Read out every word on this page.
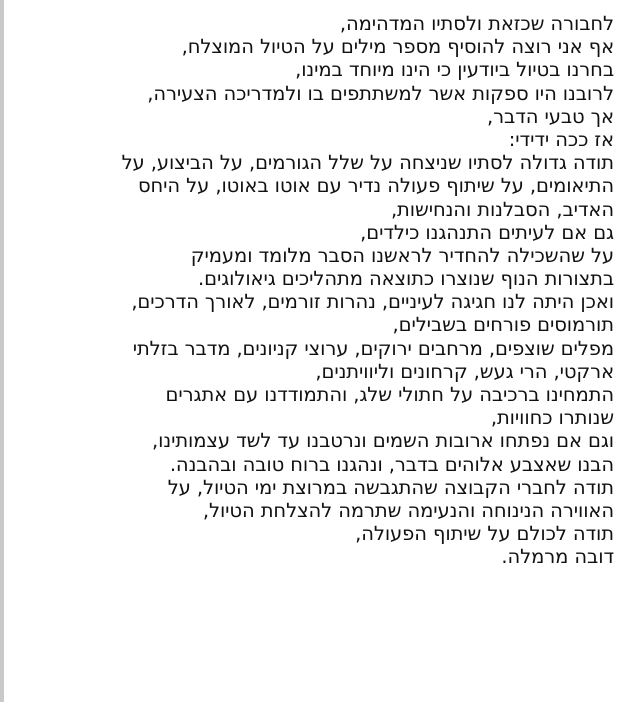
לחבורה שכזאת ולסתיו המדהימה,
אף אני רוצה להוסיף מספר מילים על הטיול המוצלח,
בחרנו בטיול ביודעין כי הינו מיוחד במינו,
לרובנו היו ספקות אשר למשתתפים בו ולמדריכה הצעירה,
אך טבעי הדבר,
אז ככה ידידי:
תודה גדולה לסתיו שניצחה על שלל הגורמים, על הביצוע, על
התיאומים, על שיתוף פעולה נדיר עם אוטו באוטו, על היחס
האדיב, הסבלנות והנחישות,
גם אם לעיתים התנהגנו כילדים,
על שהשכילה להחדיר לראשנו הסבר מלומד ומעמיק
בתצורות הנוף שנוצרו כתוצאה מתהליכים גיאולוגים.
ואכן היתה לנו חגיגה לעיניים, נהרות זורמים, לאורך הדרכים,
תורמוסים פורחים בשבילים,
מפלים שוצפים, מרחבים ירוקים, ערוצי קניונים, מדבר בזלתי
ארקטי, הרי געש, קרחונים וליוויתנים,
התמחינו ברכיבה על חתולי שלג, והתמודדנו עם אתגרים
שנותרו כחוויות,
וגם אם נפתחו ארובות השמים ונרטבנו עד לשד עצמותינו,
הבנו שאצבע אלוהים בדבר, ונהגנו ברוח טובה ובהבנה.
תודה לחברי הקבוצה שהתגבשה במרוצת ימי הטיול, על
האווירה הנינוחה והנעימה שתרמה להצלחת הטיול,
תודה לכולם על שיתוף הפעולה,
דובה מרמלה.
